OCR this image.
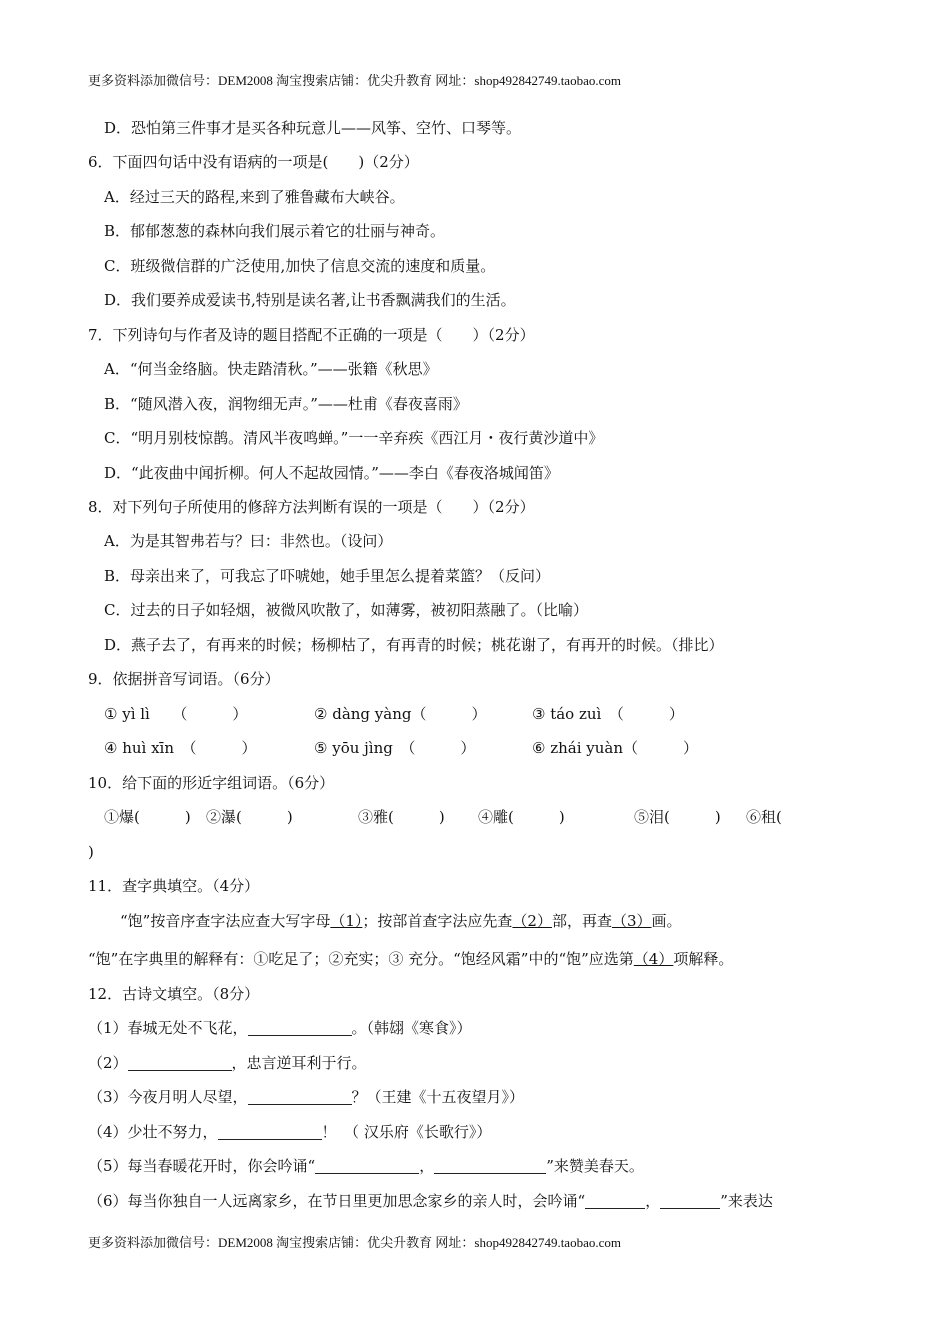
更多资料添加微信号：DEM2008 淘宝搜索店铺：优尖升教育 网址：shop492842749.taobao.com
D．恐怕第三件事才是买各种玩意儿——风筝、空竹、口琴等。
6．下面四句话中没有语病的一项是(　　)（2分）
A．经过三天的路程,来到了雅鲁藏布大峡谷。
B．郁郁葱葱的森林向我们展示着它的壮丽与神奇。
C．班级微信群的广泛使用,加快了信息交流的速度和质量。
D．我们要养成爱读书,特别是读名著,让书香飘满我们的生活。
7．下列诗句与作者及诗的题目搭配不正确的一项是（　　）（2分）
A．“何当金络脑。快走踏清秋。”——张籍《秋思》
B．“随风潜入夜，润物细无声。”——杜甫《春夜喜雨》
C．“明月别枝惊鹊。清风半夜鸣蝉。”一一辛弃疾《西江月・夜行黄沙道中》
D．“此夜曲中闻折柳。何人不起故园情。”——李白《春夜洛城闻笛》
8．对下列句子所使用的修辞方法判断有误的一项是（　　）（2分）
A．为是其智弗若与？曰：非然也。（设问）
B．母亲出来了，可我忘了吓唬她，她手里怎么提着菜篮？（反问）
C．过去的日子如轻烟，被微风吹散了，如薄雾，被初阳蒸融了。（比喻）
D．燕子去了，有再来的时候；杨柳枯了，有再青的时候；桃花谢了，有再开的时候。（排比）
9．依据拼音写词语。（6分）
① yì lì　　（　　　）	② dàng yàng（　　　）	③ táo zuì　（　　　）
④ huì xīn　（　　　）	⑤ yōu jìng　（　　　）	⑥ zhái yuàn（　　　）
10．给下面的形近字组词语。（6分）
①爆(　　　) ②瀑(　　　)	③雅(　　　) ④雕(　　　)	⑤泪(　　　) ⑥租(
)
11．查字典填空。（4分）
“饱”按音序查字法应查大写字母（1）；按部首查字法应先查（2）部，再查（3）画。
“饱”在字典里的解释有：①吃足了；②充实；③ 充分。“饱经风霜”中的“饱”应选第（4）项解释。
12．古诗文填空。（8分）
（1）春城无处不飞花，	。（韩翃《寒食》）
（2）	，忠言逆耳利于行。
（3）今夜月明人尽望，	？（王建《十五夜望月》）
（4）少壮不努力，	！　（ 汉乐府《长歌行》）
（5）每当春暖花开时，你会吟诵“	，	”来赞美春天。
（6）每当你独自一人远离家乡，在节日里更加思念家乡的亲人时，会吟诵“	，	”来表达
更多资料添加微信号：DEM2008 淘宝搜索店铺：优尖升教育 网址：shop492842749.taobao.com
